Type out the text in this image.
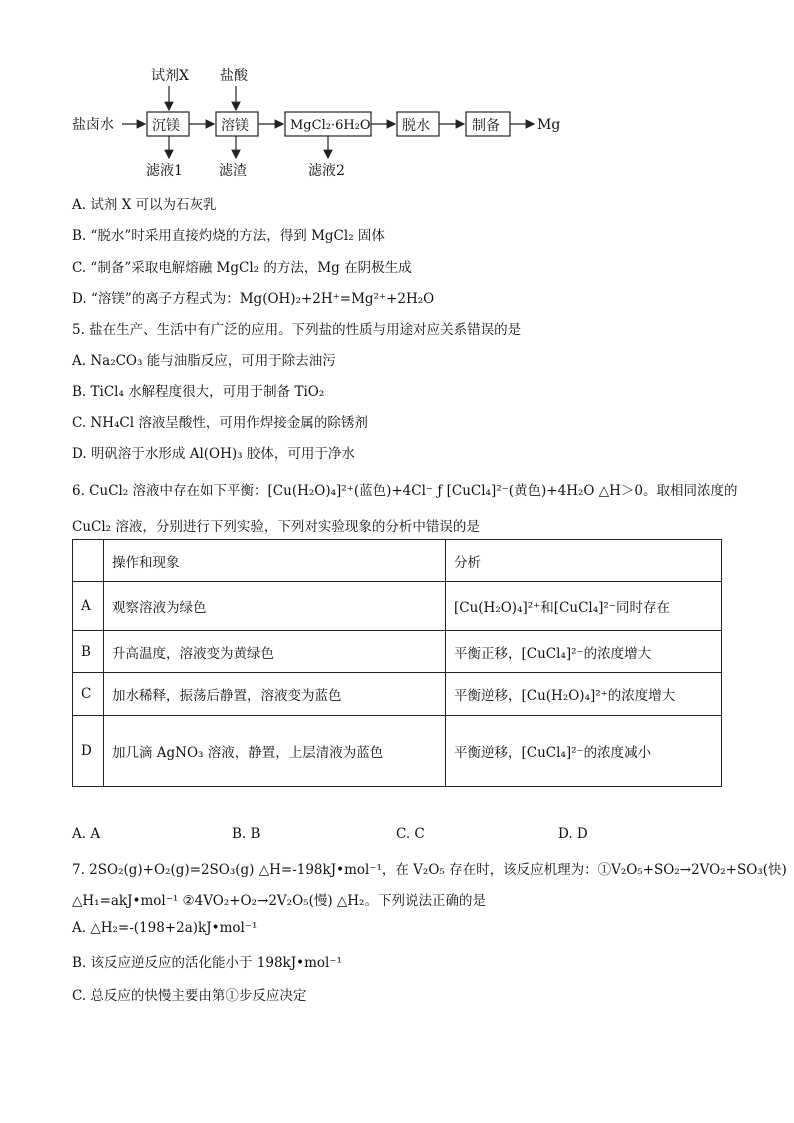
试剂X 盐酸
盐卤水	沉镁	溶镁	MgCl₂·6H₂O 脱水	制备	Mg
滤液1	滤渣	滤液2
A. 试剂 X 可以为石灰乳
B. “脱水”时采用直接灼烧的方法，得到 MgCl₂ 固体
C. “制备”采取电解熔融 MgCl₂ 的方法，Mg 在阴极生成
D. “溶镁”的离子方程式为：Mg(OH)₂+2H⁺=Mg²⁺+2H₂O
5. 盐在生产、生活中有广泛的应用。下列盐的性质与用途对应关系错误的是
A. Na₂CO₃ 能与油脂反应，可用于除去油污
B. TiCl₄ 水解程度很大，可用于制备 TiO₂
C. NH₄Cl 溶液呈酸性，可用作焊接金属的除锈剂
D. 明矾溶于水形成 Al(OH)₃ 胶体，可用于净水
6. CuCl₂ 溶液中存在如下平衡：[Cu(H₂O)₄]²⁺(蓝色)+4Cl⁻ ƒ [CuCl₄]²⁻(黄色)+4H₂O △H＞0。取相同浓度的
CuCl₂ 溶液，分别进行下列实验，下列对实验现象的分析中错误的是
	操作和现象	分析
A	观察溶液为绿色	[Cu(H₂O)₄]²⁺和[CuCl₄]²⁻同时存在
B	升高温度，溶液变为黄绿色	平衡正移，[CuCl₄]²⁻的浓度增大
C	加水稀释，振荡后静置，溶液变为蓝色	平衡逆移，[Cu(H₂O)₄]²⁺的浓度增大
D	加几滴 AgNO₃ 溶液，静置，上层清液为蓝色	平衡逆移，[CuCl₄]²⁻的浓度减小
A. A	B. B	C. C	D. D
7. 2SO₂(g)+O₂(g)=2SO₃(g) △H=-198kJ•mol⁻¹，在 V₂O₅ 存在时，该反应机理为：①V₂O₅+SO₂→2VO₂+SO₃(快)
△H₁=akJ•mol⁻¹ ②4VO₂+O₂→2V₂O₅(慢) △H₂。下列说法正确的是
A. △H₂=-(198+2a)kJ•mol⁻¹
B. 该反应逆反应的活化能小于 198kJ•mol⁻¹
C. 总反应的快慢主要由第①步反应决定
